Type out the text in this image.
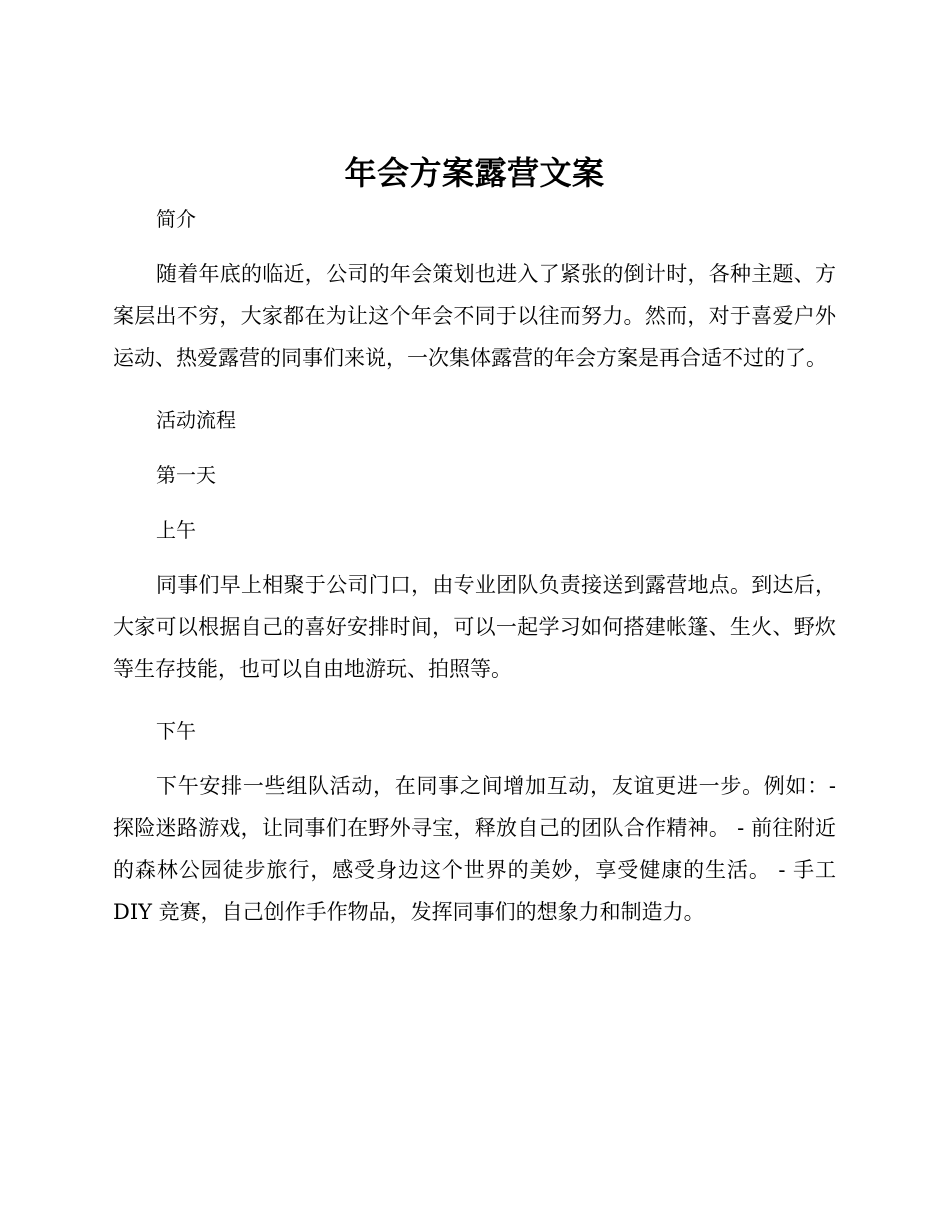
年会方案露营文案
简介

随着年底的临近，公司的年会策划也进入了紧张的倒计时，各种主题、方案层出不穷，大家都在为让这个年会不同于以往而努力。然而，对于喜爱户外运动、热爱露营的同事们来说，一次集体露营的年会方案是再合适不过的了。

活动流程
第一天
上午

同事们早上相聚于公司门口，由专业团队负责接送到露营地点。到达后，大家可以根据自己的喜好安排时间，可以一起学习如何搭建帐篷、生火、野炊等生存技能，也可以自由地游玩、拍照等。

下午

下午安排一些组队活动，在同事之间增加互动，友谊更进一步。例如：- 探险迷路游戏，让同事们在野外寻宝，释放自己的团队合作精神。 - 前往附近的森林公园徒步旅行，感受身边这个世界的美妙，享受健康的生活。 - 手工 DIY 竞赛，自己创作手作物品，发挥同事们的想象力和制造力。
